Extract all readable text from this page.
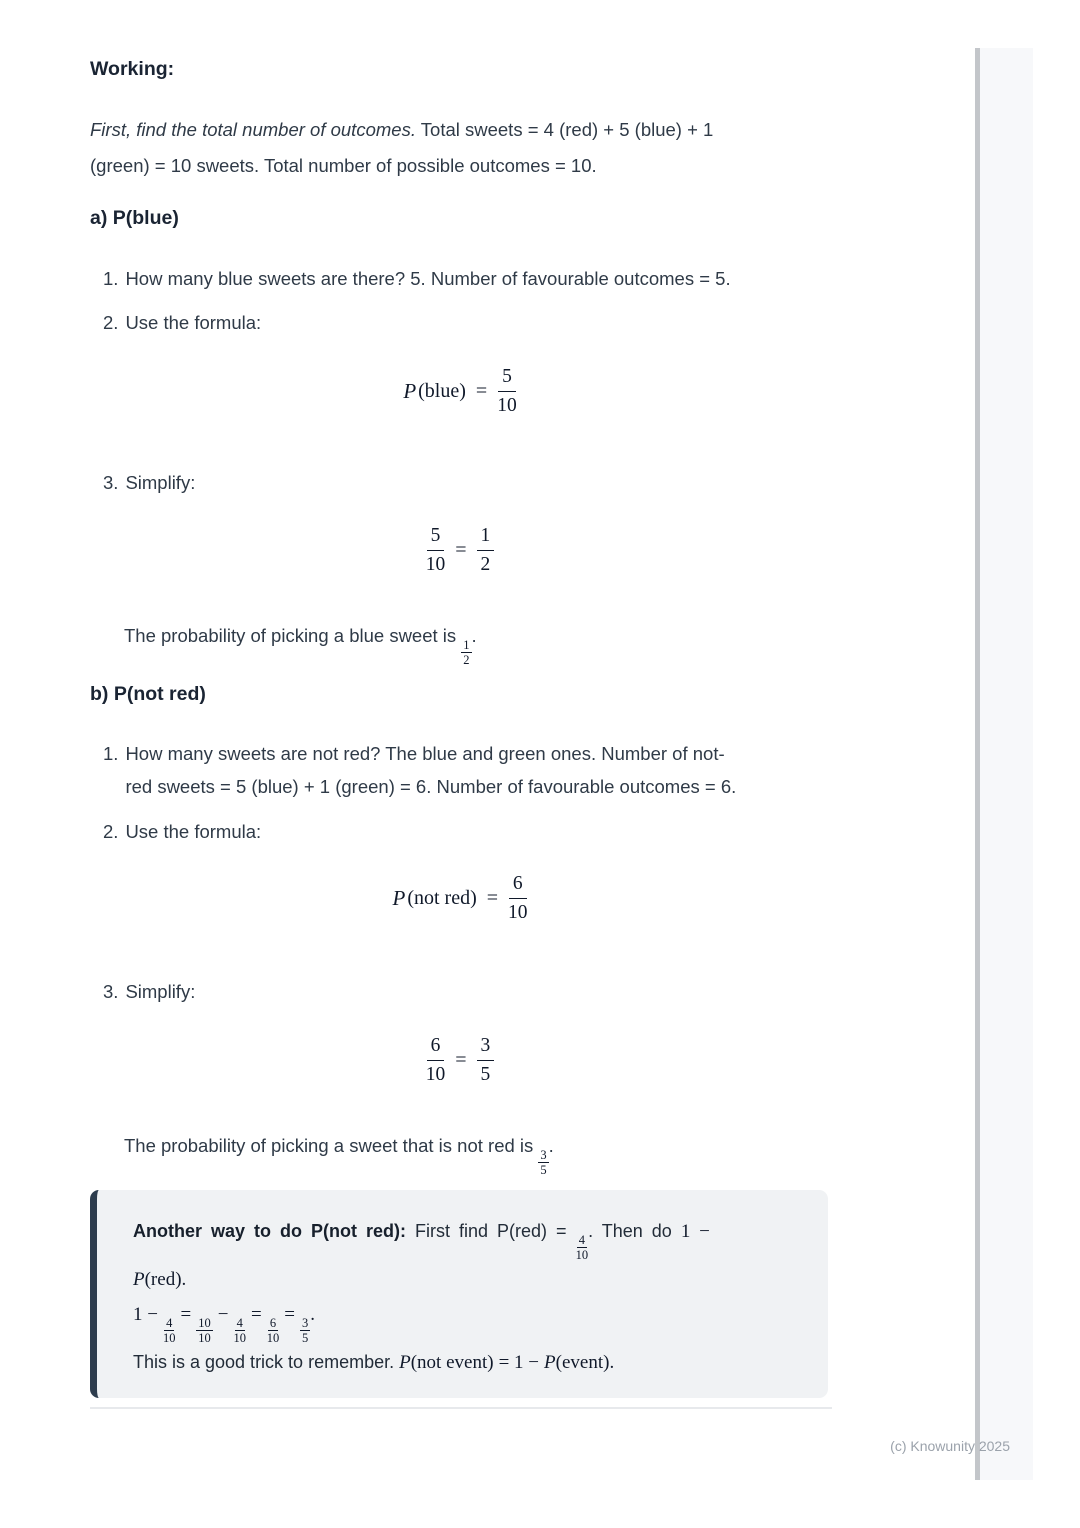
Working:
First, find the total number of outcomes. Total sweets = 4 (red) + 5 (blue) + 1
(green) = 10 sweets. Total number of possible outcomes = 10.
a) P(blue)
1. How many blue sweets are there? 5. Number of favourable outcomes = 5.
2. Use the formula:
P (blue) = $\frac{5}{10}$
3. Simplify:
$\frac{5}{10} = \frac{1}{2}$
The probability of picking a blue sweet is
$\frac{1}{2}$
.
b) P(not red)
1. How many sweets are not red? The blue and green ones. Number of not-
red sweets = 5 (blue) + 1 (green) = 6. Number of favourable outcomes = 6.
2. Use the formula:
P (not $red) = \frac{6}{10}$
3. Simplify:
$\frac{6}{10} = \frac{3}{5}$
The probability of picking a sweet that is not red is
$\frac{3}{5}$
.
Another way to do P(not red): First find P(red) =
$\frac{4}{10}$
. Then do 1 −
P(red).
1 −
$\frac{4}{10}$
=
$\frac{10}{10}$
−
$\frac{4}{10}$
=
$\frac{6}{10}$
=
$\frac{3}{5}$
.
This is a good trick to remember. P(not event) = 1 − P(event).
(c) Knowunity 2025
